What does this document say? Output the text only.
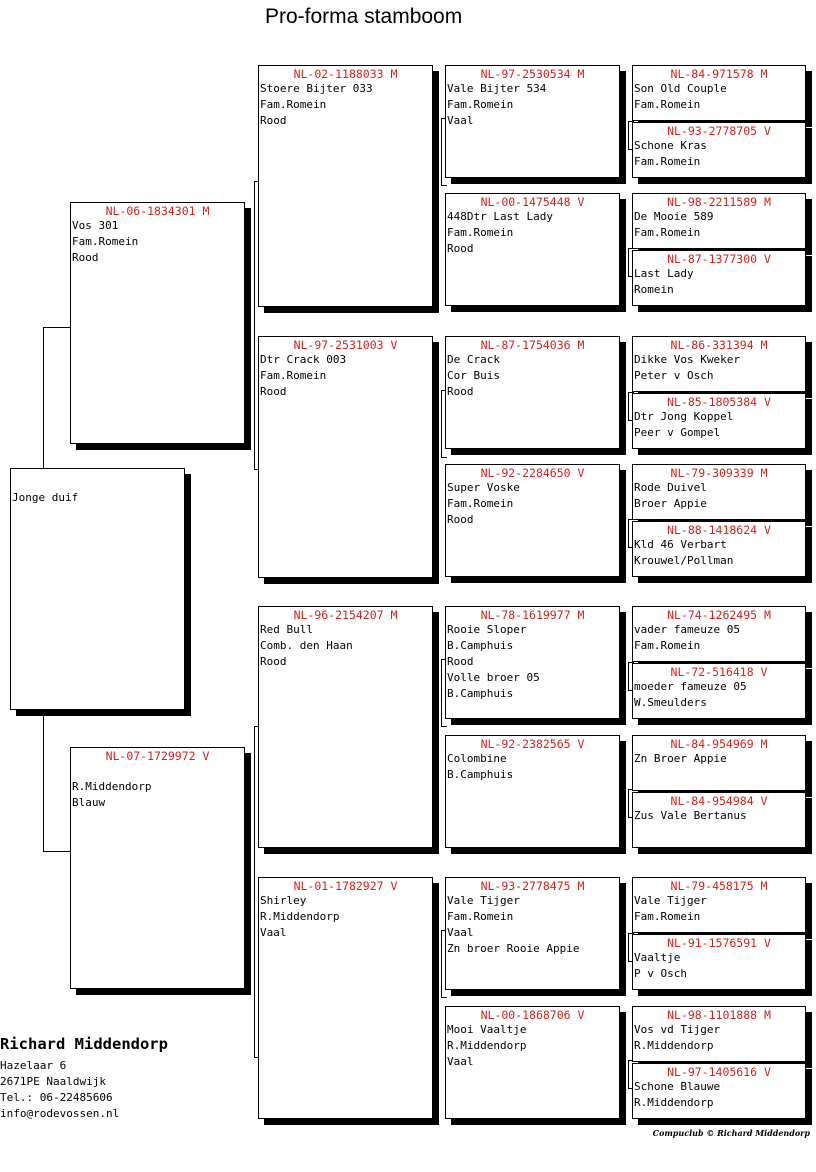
Pro-forma stamboom
NL-06-1834301 M
Vos 301
Fam.Romein
Rood
NL-07-1729972 V
R.Middendorp
Blauw
NL-02-1188033 M
Stoere Bijter 033
Fam.Romein
Rood
NL-97-2531003 V
Dtr Crack 003
Fam.Romein
Rood
NL-96-2154207 M
Red Bull
Comb. den Haan
Rood
NL-01-1782927 V
Shirley
R.Middendorp
Vaal
NL-97-2530534 M
Vale Bijter 534
Fam.Romein
Vaal
NL-00-1475448 V
448Dtr Last Lady
Fam.Romein
Rood
NL-87-1754036 M
De Crack
Cor Buis
Rood
NL-92-2284650 V
Super Voske
Fam.Romein
Rood
NL-78-1619977 M
Rooie Sloper
B.Camphuis
Rood
Volle broer 05
B.Camphuis
NL-92-2382565 V
Colombine
B.Camphuis
NL-93-2778475 M
Vale Tijger
Fam.Romein
Vaal
Zn broer Rooie Appie
NL-00-1868706 V
Mooi Vaaltje
R.Middendorp
Vaal
NL-84-971578 M
Son Old Couple
Fam.Romein
NL-93-2778705 V
Schone Kras
Fam.Romein
NL-98-2211589 M
De Mooie 589
Fam.Romein
NL-87-1377300 V
Last Lady
Romein
NL-86-331394 M
Dikke Vos Kweker
Peter v Osch
NL-85-1805384 V
Dtr Jong Koppel
Peer v Gompel
NL-79-309339 M
Rode Duivel
Broer Appie
NL-88-1418624 V
Kld 46 Verbart
Krouwel/Pollman
NL-74-1262495 M
vader fameuze 05
Fam.Romein
NL-72-516418 V
moeder fameuze 05
W.Smeulders
NL-84-954969 M
Zn Broer Appie
NL-84-954984 V
Zus Vale Bertanus
NL-79-458175 M
Vale Tijger
Fam.Romein
NL-91-1576591 V
Vaaltje
P v Osch
NL-98-1101888 M
Vos vd Tijger
R.Middendorp
NL-97-1405616 V
Schone Blauwe
R.Middendorp
Jonge duif
Richard Middendorp
Hazelaar 6
2671PE Naaldwijk
Tel.: 06-22485606
info@rodevossen.nl
Compuclub © Richard Middendorp
